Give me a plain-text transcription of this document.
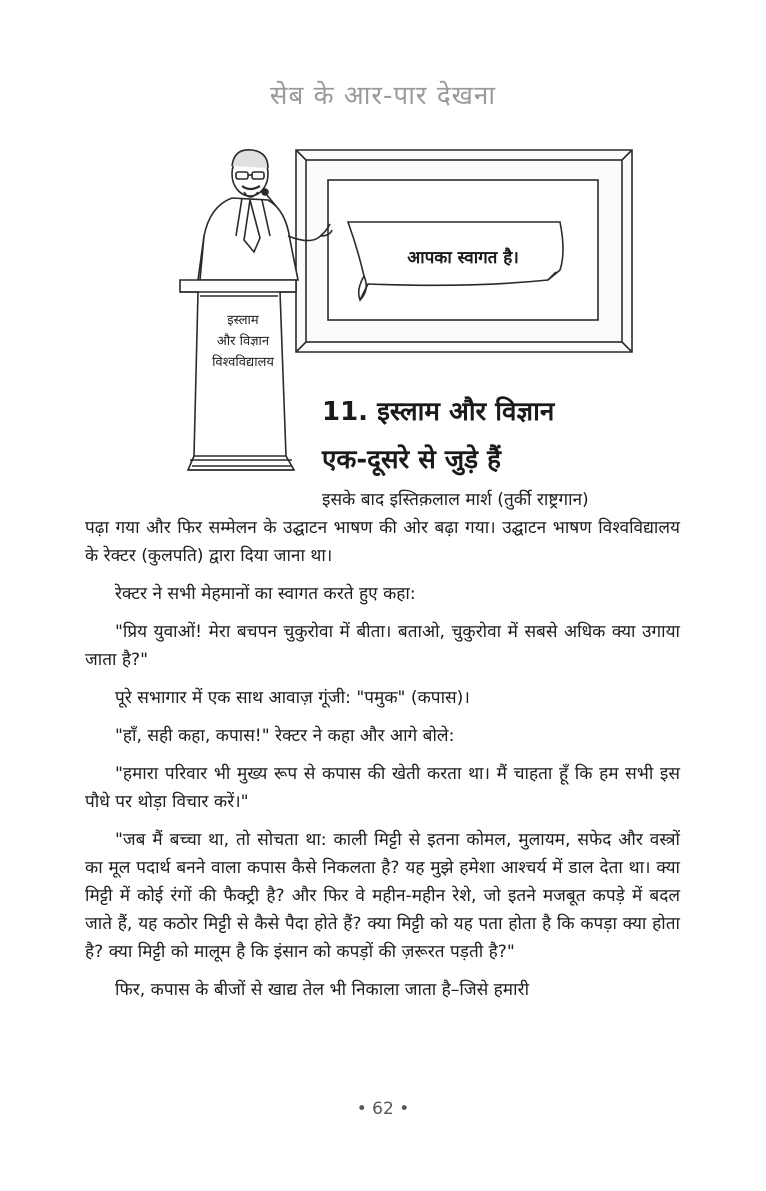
सेब के आर-पार देखना
आपका स्वागत है।
इस्लाम
और विज्ञान
विश्वविद्यालय
11. इस्लाम और विज्ञान
एक-दूसरे से जुड़े हैं

इसके बाद इस्तिक़लाल मार्श (तुर्की राष्ट्रगान)

पढ़ा गया और फिर सम्मेलन के उद्घाटन भाषण की ओर बढ़ा गया। उद्घाटन भाषण विश्वविद्यालय के रेक्टर (कुलपति) द्वारा दिया जाना था।

रेक्टर ने सभी मेहमानों का स्वागत करते हुए कहा:

"प्रिय युवाओं! मेरा बचपन चुकुरोवा में बीता। बताओ, चुकुरोवा में सबसे अधिक क्या उगाया जाता है?"

पूरे सभागार में एक साथ आवाज़ गूंजी: "पमुक" (कपास)।

"हाँ, सही कहा, कपास!" रेक्टर ने कहा और आगे बोले:

"हमारा परिवार भी मुख्य रूप से कपास की खेती करता था। मैं चाहता हूँ कि हम सभी इस पौधे पर थोड़ा विचार करें।"

"जब मैं बच्चा था, तो सोचता था: काली मिट्टी से इतना कोमल, मुलायम, सफेद और वस्त्रों का मूल पदार्थ बनने वाला कपास कैसे निकलता है? यह मुझे हमेशा आश्चर्य में डाल देता था। क्या मिट्टी में कोई रंगों की फैक्ट्री है? और फिर वे महीन-महीन रेशे, जो इतने मजबूत कपड़े में बदल जाते हैं, यह कठोर मिट्टी से कैसे पैदा होते हैं? क्या मिट्टी को यह पता होता है कि कपड़ा क्या होता है? क्या मिट्टी को मालूम है कि इंसान को कपड़ों की ज़रूरत पड़ती है?"

फिर, कपास के बीजों से खाद्य तेल भी निकाला जाता है–जिसे हमारी

• 62 •
